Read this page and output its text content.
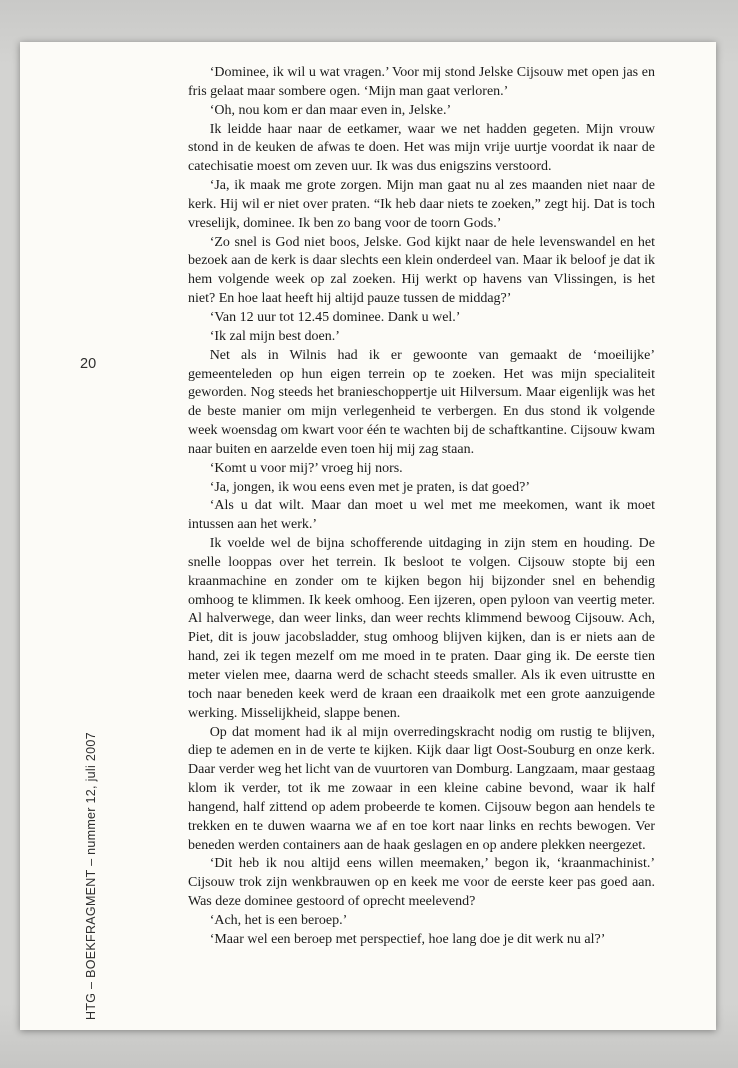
20
HTG – BOEKFRAGMENT – nummer 12, juli 2007

‘Dominee, ik wil u wat vragen.’ Voor mij stond Jelske Cijsouw met open jas en fris gelaat maar sombere ogen. ‘Mijn man gaat verloren.’

‘Oh, nou kom er dan maar even in, Jelske.’

Ik leidde haar naar de eetkamer, waar we net hadden gegeten. Mijn vrouw stond in de keuken de afwas te doen. Het was mijn vrije uurtje voordat ik naar de catechisatie moest om zeven uur. Ik was dus enigszins verstoord.

‘Ja, ik maak me grote zorgen. Mijn man gaat nu al zes maanden niet naar de kerk. Hij wil er niet over praten. “Ik heb daar niets te zoeken,” zegt hij. Dat is toch vreselijk, dominee. Ik ben zo bang voor de toorn Gods.’

‘Zo snel is God niet boos, Jelske. God kijkt naar de hele levenswandel en het bezoek aan de kerk is daar slechts een klein onderdeel van. Maar ik beloof je dat ik hem volgende week op zal zoeken. Hij werkt op havens van Vlissingen, is het niet? En hoe laat heeft hij altijd pauze tussen de middag?’

‘Van 12 uur tot 12.45 dominee. Dank u wel.’

‘Ik zal mijn best doen.’

Net als in Wilnis had ik er gewoonte van gemaakt de ‘moeilijke’ gemeenteleden op hun eigen terrein op te zoeken. Het was mijn specialiteit geworden. Nog steeds het branieschoppertje uit Hilversum. Maar eigenlijk was het de beste manier om mijn verlegenheid te verbergen. En dus stond ik volgende week woensdag om kwart voor één te wachten bij de schaftkantine. Cijsouw kwam naar buiten en aarzelde even toen hij mij zag staan.

‘Komt u voor mij?’ vroeg hij nors.

‘Ja, jongen, ik wou eens even met je praten, is dat goed?’

‘Als u dat wilt. Maar dan moet u wel met me meekomen, want ik moet intussen aan het werk.’

Ik voelde wel de bijna schofferende uitdaging in zijn stem en houding. De snelle looppas over het terrein. Ik besloot te volgen. Cijsouw stopte bij een kraanmachine en zonder om te kijken begon hij bijzonder snel en behendig omhoog te klimmen. Ik keek omhoog. Een ijzeren, open pyloon van veertig meter. Al halverwege, dan weer links, dan weer rechts klimmend bewoog Cijsouw. Ach, Piet, dit is jouw jacobsladder, stug omhoog blijven kijken, dan is er niets aan de hand, zei ik tegen mezelf om me moed in te praten. Daar ging ik. De eerste tien meter vielen mee, daarna werd de schacht steeds smaller. Als ik even uitrustte en toch naar beneden keek werd de kraan een draaikolk met een grote aanzuigende werking. Misselijkheid, slappe benen.

Op dat moment had ik al mijn overredingskracht nodig om rustig te blijven, diep te ademen en in de verte te kijken. Kijk daar ligt Oost-Souburg en onze kerk. Daar verder weg het licht van de vuurtoren van Domburg. Langzaam, maar gestaag klom ik verder, tot ik me zowaar in een kleine cabine bevond, waar ik half hangend, half zittend op adem probeerde te komen. Cijsouw begon aan hendels te trekken en te duwen waarna we af en toe kort naar links en rechts bewogen. Ver beneden werden containers aan de haak geslagen en op andere plekken neergezet.

‘Dit heb ik nou altijd eens willen meemaken,’ begon ik, ‘kraanmachinist.’ Cijsouw trok zijn wenkbrauwen op en keek me voor de eerste keer pas goed aan. Was deze dominee gestoord of oprecht meelevend?

‘Ach, het is een beroep.’

‘Maar wel een beroep met perspectief, hoe lang doe je dit werk nu al?’
